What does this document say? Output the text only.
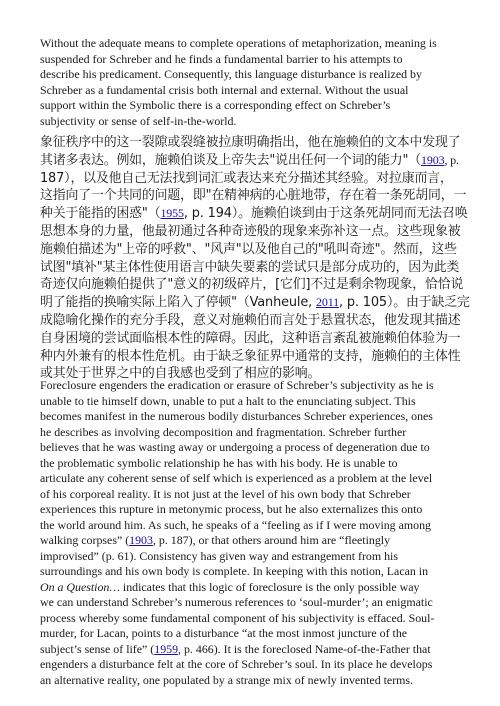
Without the adequate means to complete operations of metaphorization, meaning is
suspended for Schreber and he finds a fundamental barrier to his attempts to
describe his predicament. Consequently, this language disturbance is realized by
Schreber as a fundamental crisis both internal and external. Without the usual
support within the Symbolic there is a corresponding effect on Schreber’s
subjectivity or sense of self-in-the-world.
象征秩序中的这一裂隙或裂缝被拉康明确指出，他在施赖伯的文本中发现了
其诸多表达。例如，施赖伯谈及上帝失去"说出任何一个词的能力"（1903, p.
187），以及他自己无法找到词汇或表达来充分描述其经验。对拉康而言，
这指向了一个共同的问题，即"在精神病的心脏地带，存在着一条死胡同，一
种关于能指的困惑"（1955, p. 194）。施赖伯谈到由于这条死胡同而无法召唤
思想本身的力量，他最初通过各种奇迹般的现象来弥补这一点。这些现象被
施赖伯描述为"上帝的呼救"、"风声"以及他自己的"吼叫奇迹"。然而，这些
试图"填补"某主体性使用语言中缺失要素的尝试只是部分成功的，因为此类
奇迹仅向施赖伯提供了"意义的初级碎片，[它们]不过是剩余物现象，恰恰说
明了能指的换喻实际上陷入了停顿"（Vanheule, 2011, p. 105）。由于缺乏完
成隐喻化操作的充分手段，意义对施赖伯而言处于悬置状态，他发现其描述
自身困境的尝试面临根本性的障碍。因此，这种语言紊乱被施赖伯体验为一
种内外兼有的根本性危机。由于缺乏象征界中通常的支持，施赖伯的主体性
或其处于世界之中的自我感也受到了相应的影响。
Foreclosure engenders the eradication or erasure of Schreber’s subjectivity as he is
unable to tie himself down, unable to put a halt to the enunciating subject. This
becomes manifest in the numerous bodily disturbances Schreber experiences, ones
he describes as involving decomposition and fragmentation. Schreber further
believes that he was wasting away or undergoing a process of degeneration due to
the problematic symbolic relationship he has with his body. He is unable to
articulate any coherent sense of self which is experienced as a problem at the level
of his corporeal reality. It is not just at the level of his own body that Schreber
experiences this rupture in metonymic process, but he also externalizes this onto
the world around him. As such, he speaks of a “feeling as if I were moving among
walking corpses” (1903, p. 187), or that others around him are “fleetingly
improvised” (p. 61). Consistency has given way and estrangement from his
surroundings and his own body is complete. In keeping with this notion, Lacan in
On a Question… indicates that this logic of foreclosure is the only possible way
we can understand Schreber’s numerous references to ‘soul-murder’; an enigmatic
process whereby some fundamental component of his subjectivity is effaced. Soul-
murder, for Lacan, points to a disturbance “at the most inmost juncture of the
subject’s sense of life” (1959, p. 466). It is the foreclosed Name-of-the-Father that
engenders a disturbance felt at the core of Schreber’s soul. In its place he develops
an alternative reality, one populated by a strange mix of newly invented terms.
